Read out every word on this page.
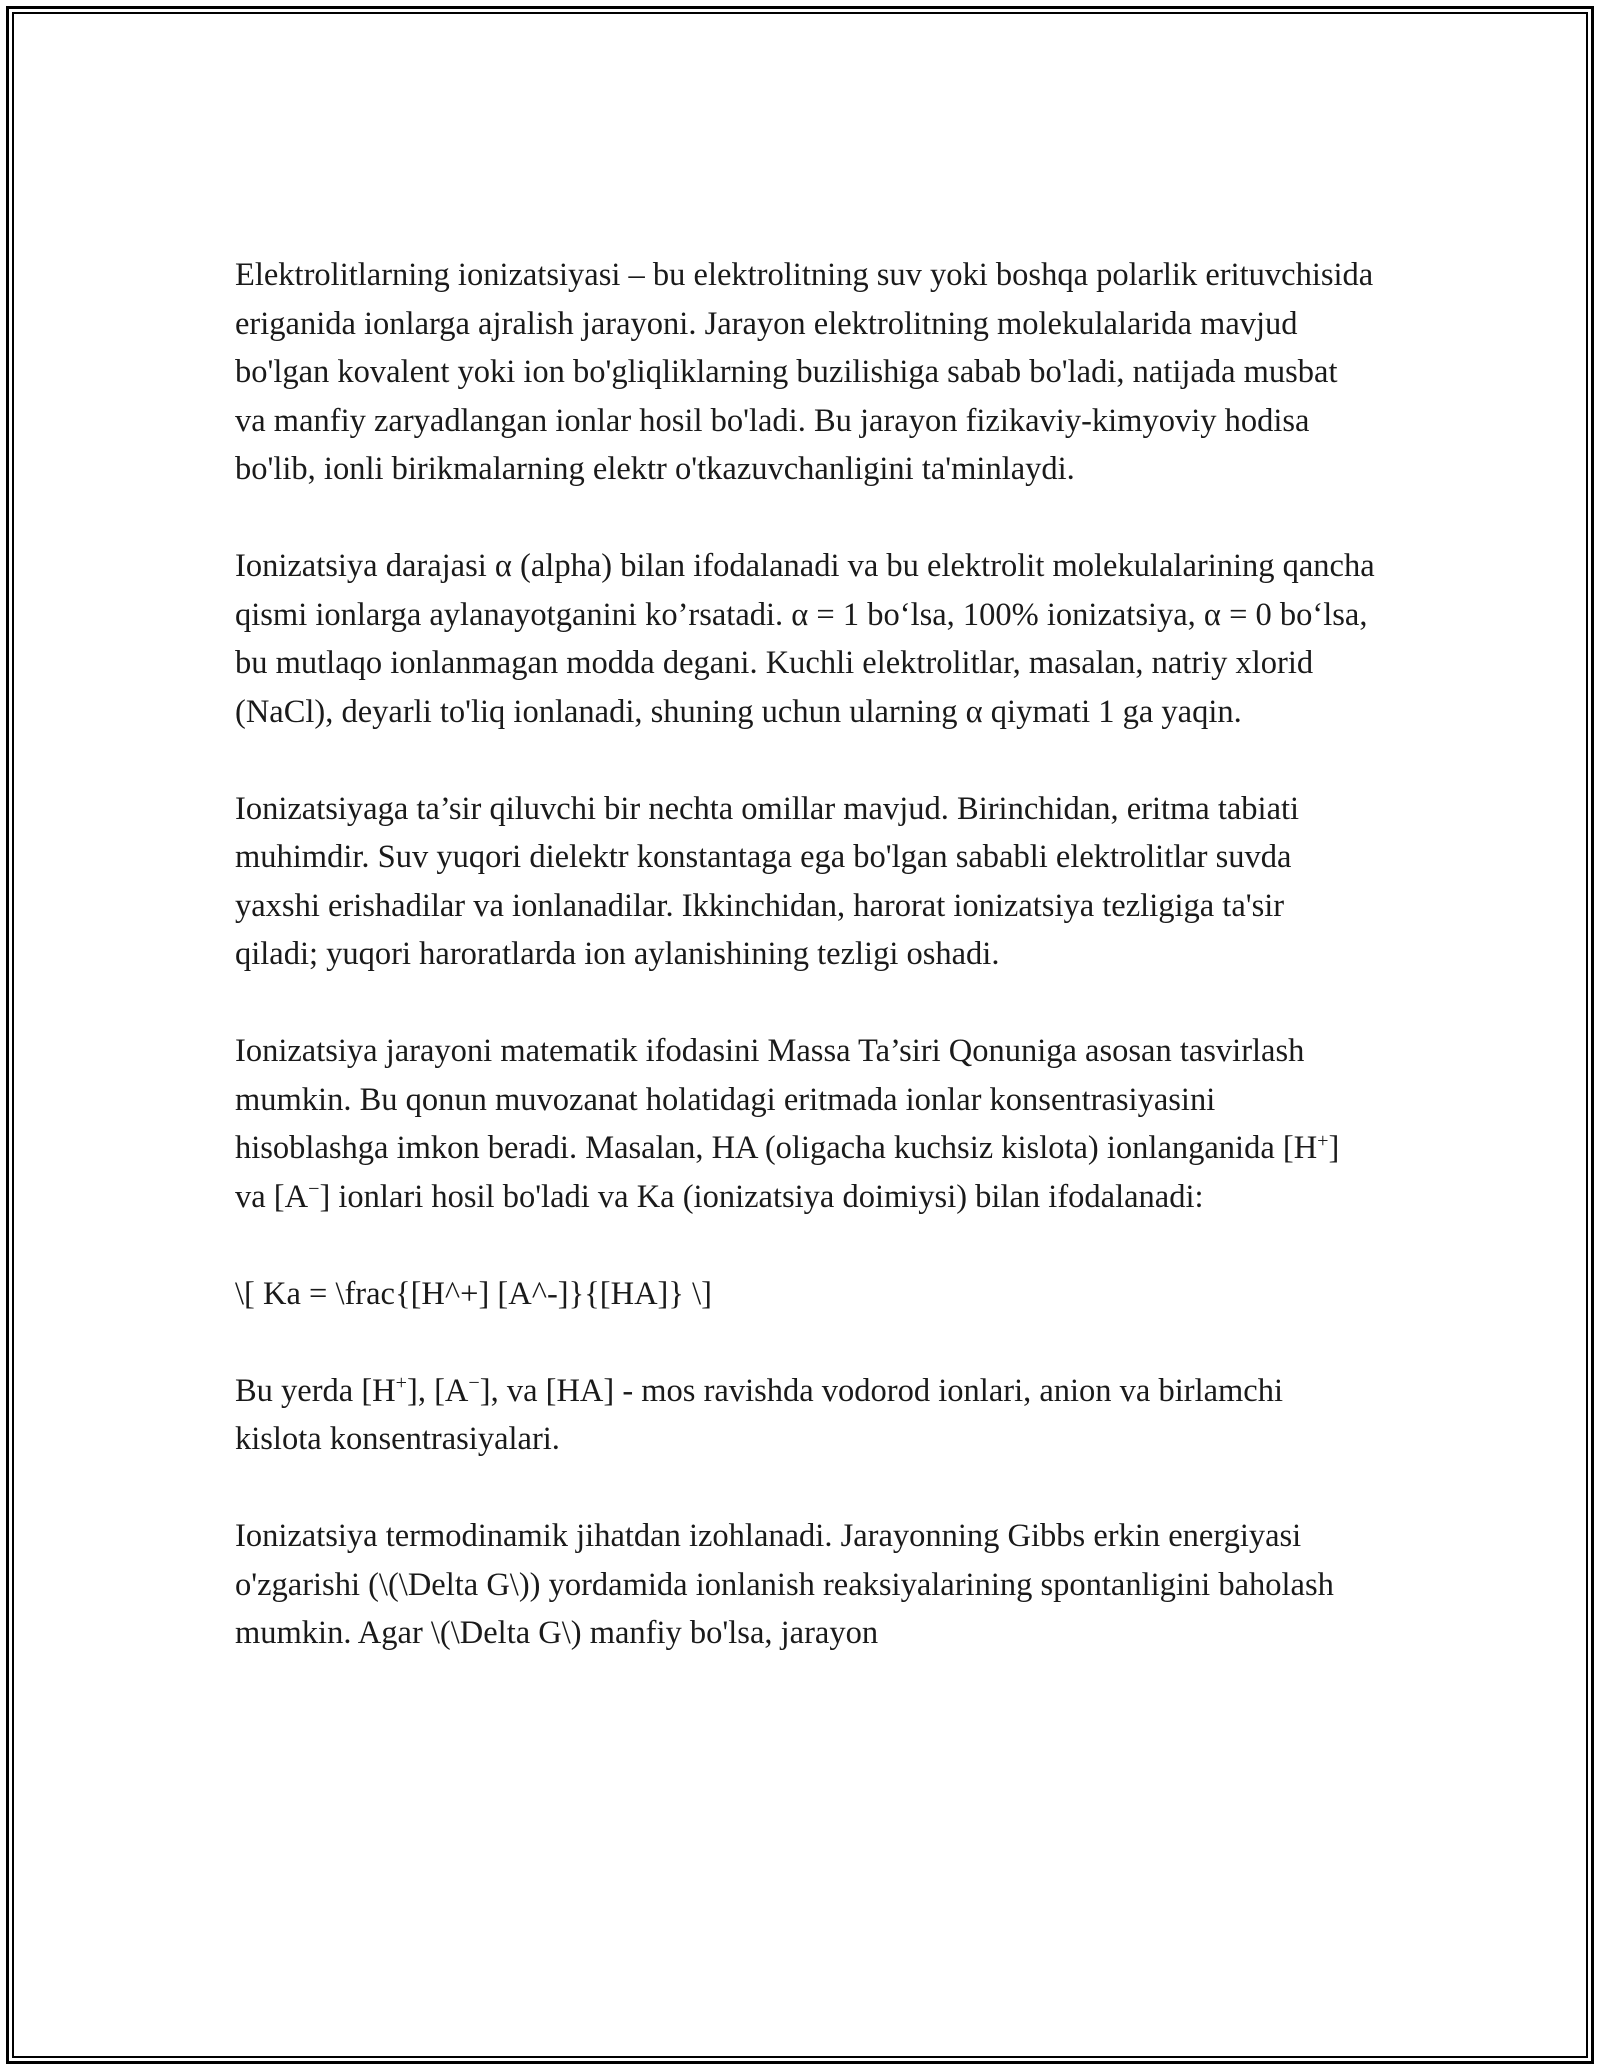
Elektrolitlarning ionizatsiyasi – bu elektrolitning suv yoki boshqa polarlik erituvchisida eriganida ionlarga ajralish jarayoni. Jarayon elektrolitning molekulalarida mavjud bo'lgan kovalent yoki ion bo'gliqliklarning buzilishiga sabab bo'ladi, natijada musbat va manfiy zaryadlangan ionlar hosil bo'ladi. Bu jarayon fizikaviy-kimyoviy hodisa bo'lib, ionli birikmalarning elektr o'tkazuvchanligini ta'minlaydi.

Ionizatsiya darajasi α (alpha) bilan ifodalanadi va bu elektrolit molekulalarining qancha qismi ionlarga aylanayotganini ko’rsatadi. α = 1 bo‘lsa, 100% ionizatsiya, α = 0 bo‘lsa, bu mutlaqo ionlanmagan modda degani. Kuchli elektrolitlar, masalan, natriy xlorid (NaCl), deyarli to'liq ionlanadi, shuning uchun ularning α qiymati 1 ga yaqin.

Ionizatsiyaga ta’sir qiluvchi bir nechta omillar mavjud. Birinchidan, eritma tabiati muhimdir. Suv yuqori dielektr konstantaga ega bo'lgan sababli elektrolitlar suvda yaxshi erishadilar va ionlanadilar. Ikkinchidan, harorat ionizatsiya tezligiga ta'sir qiladi; yuqori haroratlarda ion aylanishining tezligi oshadi.

Ionizatsiya jarayoni matematik ifodasini Massa Ta’siri Qonuniga asosan tasvirlash mumkin. Bu qonun muvozanat holatidagi eritmada ionlar konsentrasiyasini hisoblashga imkon beradi. Masalan, HA (oligacha kuchsiz kislota) ionlanganida [H+] va [A−] ionlari hosil bo'ladi va Ka (ionizatsiya doimiysi) bilan ifodalanadi:

\[ Ka = \frac{[H^+] [A^-]}{[HA]} \]

Bu yerda [H+], [A−], va [HA] - mos ravishda vodorod ionlari, anion va birlamchi kislota konsentrasiyalari.

Ionizatsiya termodinamik jihatdan izohlanadi. Jarayonning Gibbs erkin energiyasi o'zgarishi (\(\Delta G\)) yordamida ionlanish reaksiyalarining spontanligini baholash mumkin. Agar \(\Delta G\) manfiy bo'lsa, jarayon
